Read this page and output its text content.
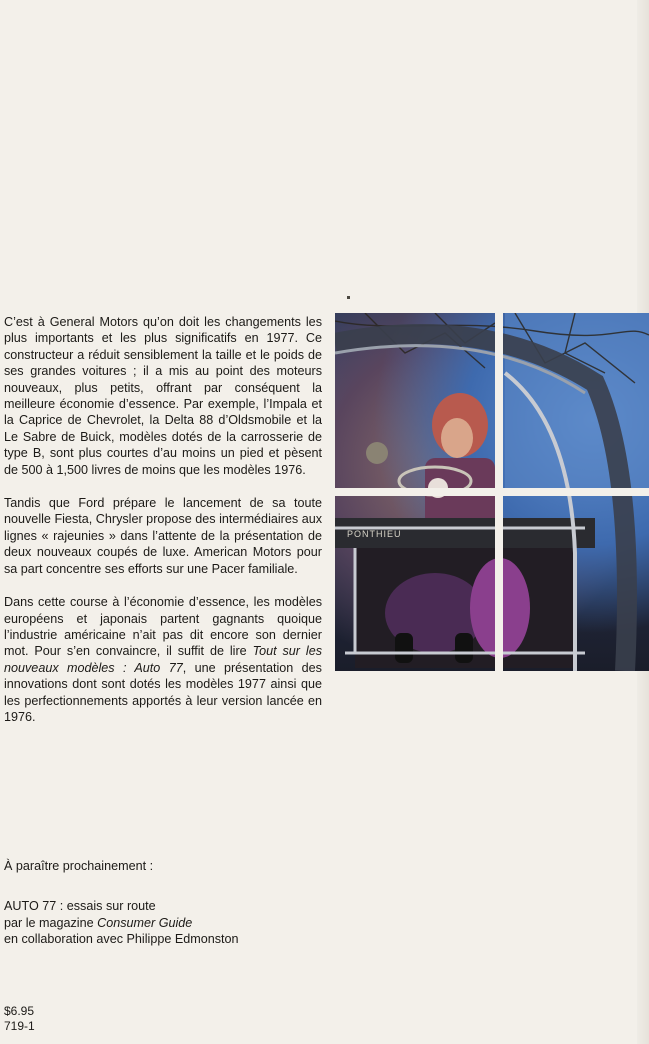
C’est à General Motors qu’on doit les changements les plus importants et les plus significatifs en 1977. Ce constructeur a réduit sensiblement la taille et le poids de ses grandes voitures ; il a mis au point des moteurs nouveaux, plus petits, offrant par conséquent la meilleure économie d’essence. Par exemple, l’Impala et la Caprice de Chevrolet, la Delta 88 d’Oldsmobile et la Le Sabre de Buick, modèles dotés de la carrosserie de type B, sont plus courtes d’au moins un pied et pèsent de 500 à 1,500 livres de moins que les modèles 1976.

Tandis que Ford prépare le lancement de sa toute nouvelle Fiesta, Chrysler propose des intermédiaires aux lignes « rajeunies » dans l’attente de la présentation de deux nouveaux coupés de luxe. American Motors pour sa part concentre ses efforts sur une Pacer familiale.

Dans cette course à l’économie d’essence, les modèles européens et japonais partent gagnants quoique l’industrie américaine n’ait pas dit encore son dernier mot. Pour s’en convaincre, il suffit de lire Tout sur les nouveaux modèles : Auto 77, une présentation des innovations dont sont dotés les modèles 1977 ainsi que les perfectionnements apportés à leur version lancée en 1976.

PONTHIEU
À paraître prochainement :
AUTO 77 : essais sur route
par le magazine Consumer Guide
en collaboration avec Philippe Edmonston
$6.95
719-1
